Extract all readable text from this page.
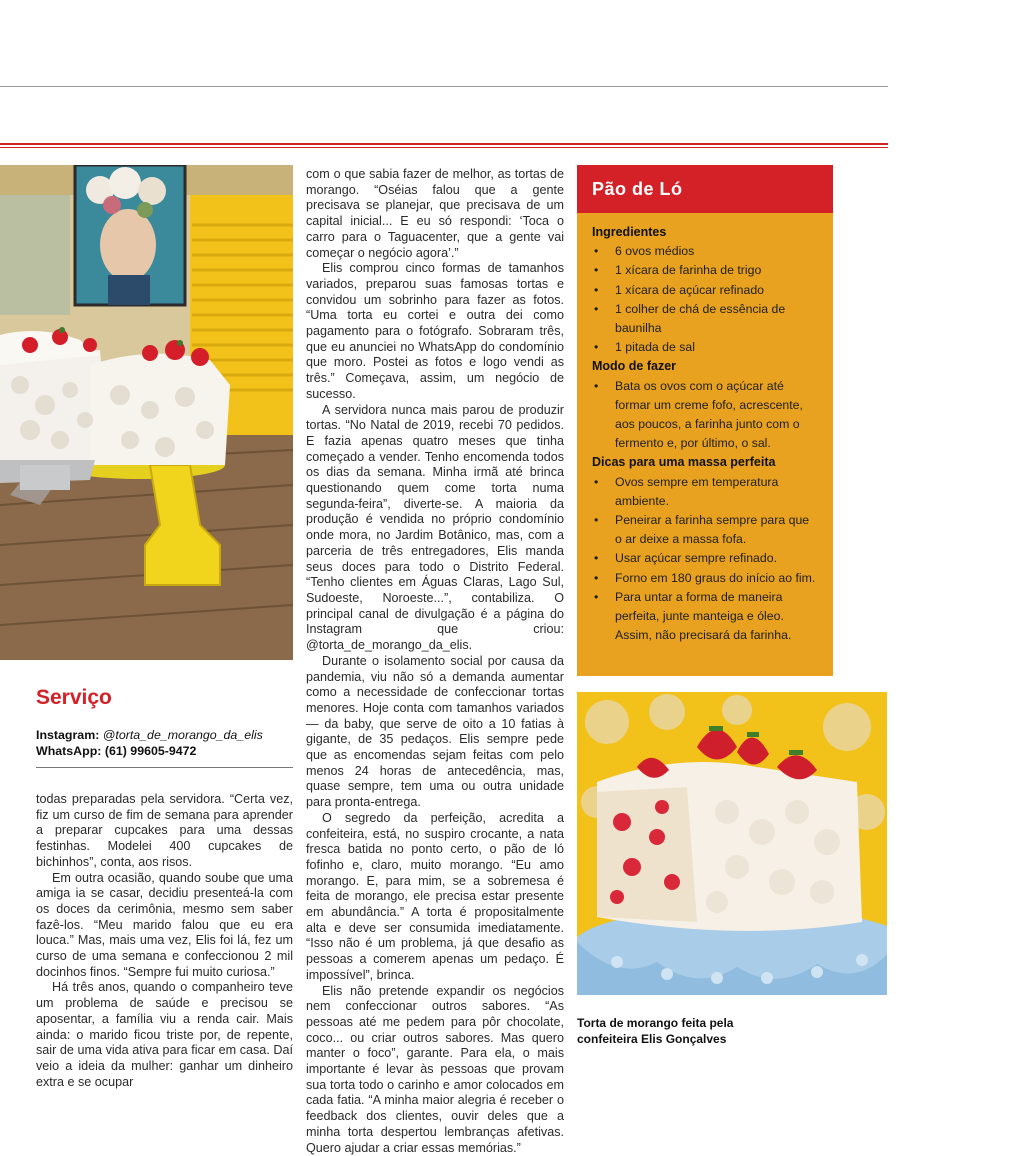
Serviço
Instagram: @torta_de_morango_da_elis
WhatsApp: (61) 99605-9472

todas preparadas pela servidora. “Certa vez, fiz um curso de fim de semana para aprender a preparar cupcakes para uma dessas festinhas. Modelei 400 cupcakes de bichinhos”, conta, aos risos.

Em outra ocasião, quando soube que uma amiga ia se casar, decidiu presenteá-la com os doces da cerimônia, mesmo sem saber fazê-los. “Meu marido falou que eu era louca.” Mas, mais uma vez, Elis foi lá, fez um curso de uma semana e confeccionou 2 mil docinhos finos. “Sempre fui muito curiosa.”

Há três anos, quando o companheiro teve um problema de saúde e precisou se aposentar, a família viu a renda cair. Mais ainda: o marido ficou triste por, de repente, sair de uma vida ativa para ficar em casa. Daí veio a ideia da mulher: ganhar um dinheiro extra e se ocupar

com o que sabia fazer de melhor, as tortas de morango. “Oséias falou que a gente precisava se planejar, que precisava de um capital inicial... E eu só respondi: ‘Toca o carro para o Taguacenter, que a gente vai começar o negócio agora’.”

Elis comprou cinco formas de tamanhos variados, preparou suas famosas tortas e convidou um sobrinho para fazer as fotos. “Uma torta eu cortei e outra dei como pagamento para o fotógrafo. Sobraram três, que eu anunciei no WhatsApp do condomínio que moro. Postei as fotos e logo vendi as três.” Começava, assim, um negócio de sucesso.

A servidora nunca mais parou de produzir tortas. “No Natal de 2019, recebi 70 pedidos. E fazia apenas quatro meses que tinha começado a vender. Tenho encomenda todos os dias da semana. Minha irmã até brinca questionando quem come torta numa segunda-feira”, diverte-se. A maioria da produção é vendida no próprio condomínio onde mora, no Jardim Botânico, mas, com a parceria de três entregadores, Elis manda seus doces para todo o Distrito Federal. “Tenho clientes em Águas Claras, Lago Sul, Sudoeste, Noroeste...”, contabiliza. O principal canal de divulgação é a página do Instagram que criou: @torta_de_morango_da_elis.

Durante o isolamento social por causa da pandemia, viu não só a demanda aumentar como a necessidade de confeccionar tortas menores. Hoje conta com tamanhos variados — da baby, que serve de oito a 10 fatias à gigante, de 35 pedaços. Elis sempre pede que as encomendas sejam feitas com pelo menos 24 horas de antecedência, mas, quase sempre, tem uma ou outra unidade para pronta-entrega.

O segredo da perfeição, acredita a confeiteira, está, no suspiro crocante, a nata fresca batida no ponto certo, o pão de ló fofinho e, claro, muito morango. “Eu amo morango. E, para mim, se a sobremesa é feita de morango, ele precisa estar presente em abundância.” A torta é propositalmente alta e deve ser consumida imediatamente. “Isso não é um problema, já que desafio as pessoas a comerem apenas um pedaço. É impossível”, brinca.

Elis não pretende expandir os negócios nem confeccionar outros sabores. “As pessoas até me pedem para pôr chocolate, coco... ou criar outros sabores. Mas quero manter o foco”, garante. Para ela, o mais importante é levar às pessoas que provam sua torta todo o carinho e amor colocados em cada fatia. “A minha maior alegria é receber o feedback dos clientes, ouvir deles que a minha torta despertou lembranças afetivas. Quero ajudar a criar essas memórias.”

Pão de Ló
Ingredientes
• 6 ovos médios
• 1 xícara de farinha de trigo
• 1 xícara de açúcar refinado
• 1 colher de chá de essência de baunilha
• 1 pitada de sal
Modo de fazer
• Bata os ovos com o açúcar até formar um creme fofo, acrescente, aos poucos, a farinha junto com o fermento e, por último, o sal.
Dicas para uma massa perfeita
• Ovos sempre em temperatura ambiente.
• Peneirar a farinha sempre para que o ar deixe a massa fofa.
• Usar açúcar sempre refinado.
• Forno em 180 graus do início ao fim.
• Para untar a forma de maneira perfeita, junte manteiga e óleo. Assim, não precisará da farinha.
Torta de morango feita pela confeiteira Elis Gonçalves
